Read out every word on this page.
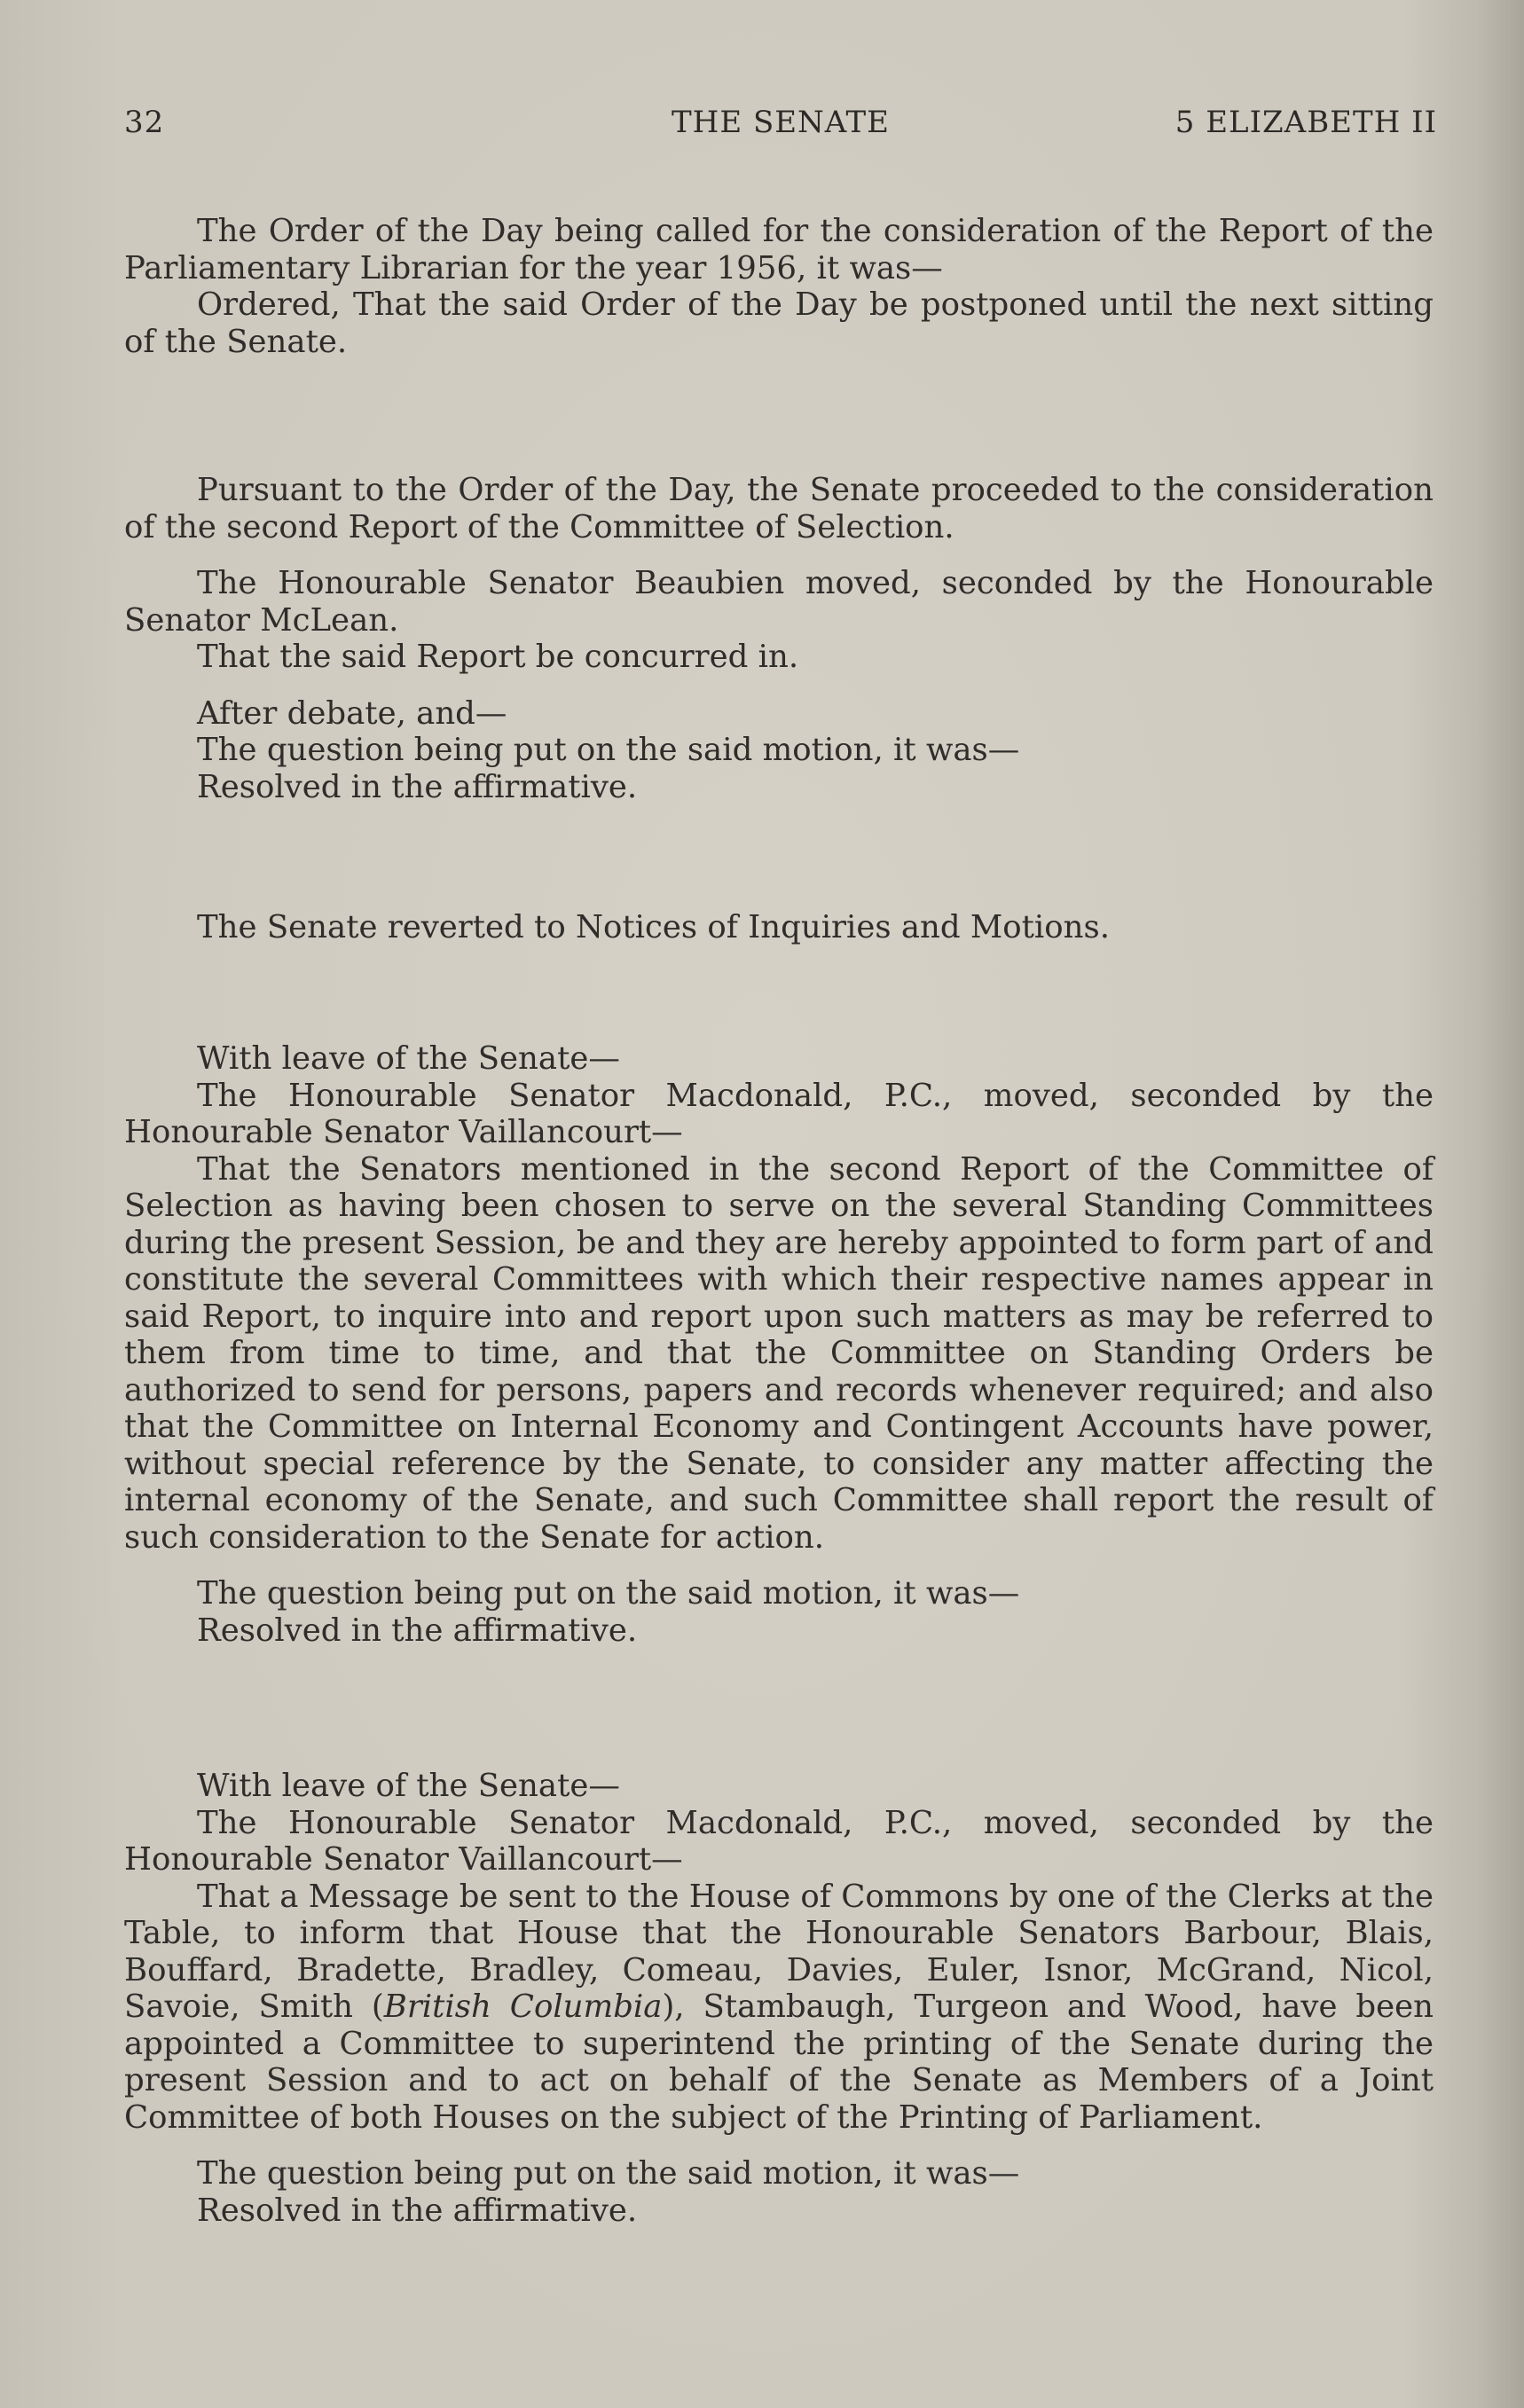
32	THE SENATE	5 ELIZABETH II

The Order of the Day being called for the consideration of the Report of the Parliamentary Librarian for the year 1956, it was—

Ordered, That the said Order of the Day be postponed until the next sitting of the Senate.

Pursuant to the Order of the Day, the Senate proceeded to the consideration of the second Report of the Committee of Selection.

The Honourable Senator Beaubien moved, seconded by the Honourable Senator McLean.

That the said Report be concurred in.

After debate, and—

The question being put on the said motion, it was—

Resolved in the affirmative.

The Senate reverted to Notices of Inquiries and Motions.

With leave of the Senate—

The Honourable Senator Macdonald, P.C., moved, seconded by the Honourable Senator Vaillancourt—

That the Senators mentioned in the second Report of the Committee of Selection as having been chosen to serve on the several Standing Committees during the present Session, be and they are hereby appointed to form part of and constitute the several Committees with which their respective names appear in said Report, to inquire into and report upon such matters as may be referred to them from time to time, and that the Committee on Standing Orders be authorized to send for persons, papers and records whenever required; and also that the Committee on Internal Economy and Contingent Accounts have power, without special reference by the Senate, to consider any matter affecting the internal economy of the Senate, and such Committee shall report the result of such consideration to the Senate for action.

The question being put on the said motion, it was—

Resolved in the affirmative.

With leave of the Senate—

The Honourable Senator Macdonald, P.C., moved, seconded by the Honourable Senator Vaillancourt—

That a Message be sent to the House of Commons by one of the Clerks at the Table, to inform that House that the Honourable Senators Barbour, Blais, Bouffard, Bradette, Bradley, Comeau, Davies, Euler, Isnor, McGrand, Nicol, Savoie, Smith (British Columbia), Stambaugh, Turgeon and Wood, have been appointed a Committee to superintend the printing of the Senate during the present Session and to act on behalf of the Senate as Members of a Joint Committee of both Houses on the subject of the Printing of Parliament.

The question being put on the said motion, it was—

Resolved in the affirmative.
